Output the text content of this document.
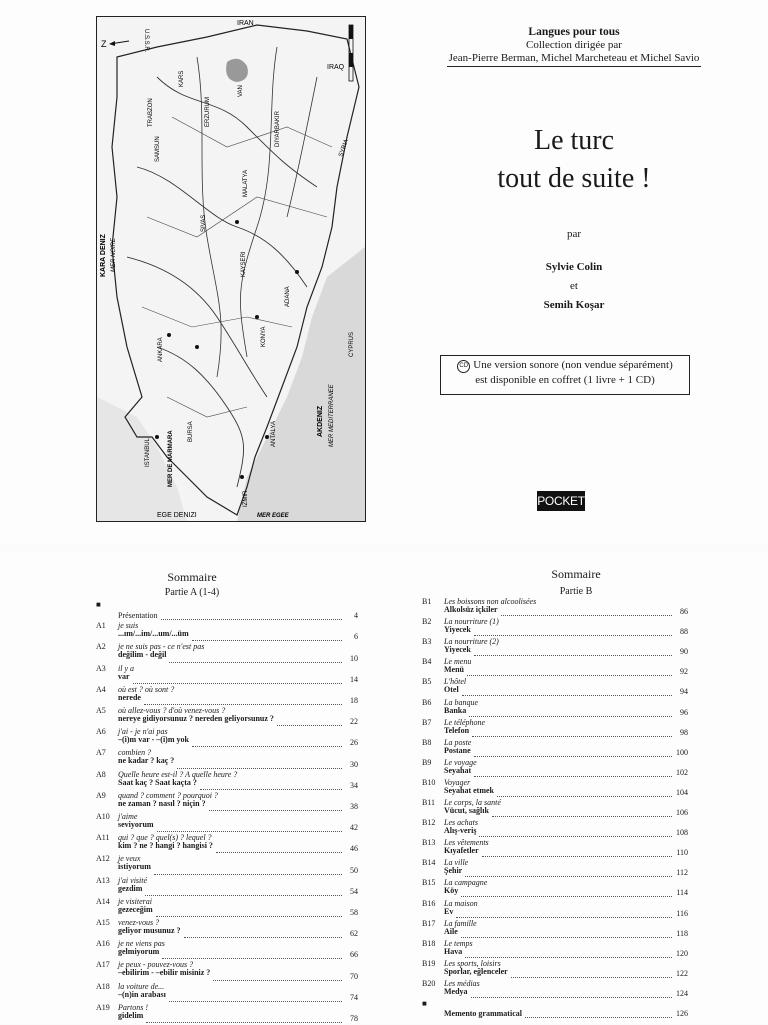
IRAN
IRAQ
SYRIA
U.S.S.R.
KARA DENIZ MER NOIRE
MER DE MARMARA
ISTANBUL
ANKARA
KAYSERI
ADANA
KONYA
ANTALYA
IZMIR
BURSA
SAMSUN
TRABZON	ERZURUM
KARS
VAN
SIVAS
MALATYA
DIYARBAKIR
AKDENIZ MER MEDITERRANEE
CYPRUS
EGE DENIZI	MER EGEE
Z
Langues pour tous
Collection dirigée par
Jean-Pierre Berman, Michel Marcheteau et Michel Savio
Le turc
tout de suite !
par
Sylvie Colin
et
Semih Koşar
CD Une version sonore (non vendue séparément)
est disponible en coffret (1 livre + 1 CD)
POCKET
Sommaire
Partie A (1-4)
■
Présentation	4
A1 je suis
...ım/...im/...um/...üm	6
A2 je ne suis pas - ce n'est pas
değilim - değil	10
A3 il y a
var	14
A4 où est ? où sont ?
nerede	18
A5 où allez-vous ? d'où venez-vous ?
nereye gidiyorsunuz ? nereden geliyorsunuz ?	22
A6 j'ai - je n'ai pas
–(i)m var - –(i)m yok	26
A7 combien ?
ne kadar ? kaç ?	30
A8 Quelle heure est-il ? A quelle heure ?
Saat kaç ? Saat kaçta ?	34
A9 quand ? comment ? pourquoi ?
ne zaman ? nasıl ? niçin ?	38
A10 j'aime
seviyorum	42
A11 qui ? que ? quel(s) ? lequel ?
kim ? ne ? hangi ? hangisi ?	46
A12 je veux
istiyorum	50
A13 j'ai visité
gezdim	54
A14 je visiterai
gezeceğim	58
A15 venez-vous ?
geliyor musunuz ?	62
A16 je ne viens pas
gelmiyorum	66
A17 je peux - pouvez-vous ?
–ebilirim - –ebilir misiniz ?	70
A18 la voiture de...
–(n)in arabası	74
A19 Partons !
gidelim	78
Sommaire
Partie B
B1 Les boissons non alcoolisées
Alkolsüz içkiler	86
B2 La nourriture (1)
Yiyecek	88
B3 La nourriture (2)
Yiyecek	90
B4 Le menu
Menü	92
B5 L'hôtel
Otel	94
B6 La banque
Banka	96
B7 Le téléphone
Telefon	98
B8 La poste
Postane	100
B9 Le voyage
Seyahat	102
B10 Voyager
Seyahat etmek	104
B11 Le corps, la santé
Vücut, sağlık	106
B12 Les achats
Alış-veriş	108
B13 Les vêtements
Kıyafetler	110
B14 La ville
Şehir	112
B15 La campagne
Köy	114
B16 La maison
Ev	116
B17 La famille
Aile	118
B18 Le temps
Hava	120
B19 Les sports, loisirs
Sporlar, eğlenceler	122
B20 Les médias
Medya	124
■
Memento grammatical	126
